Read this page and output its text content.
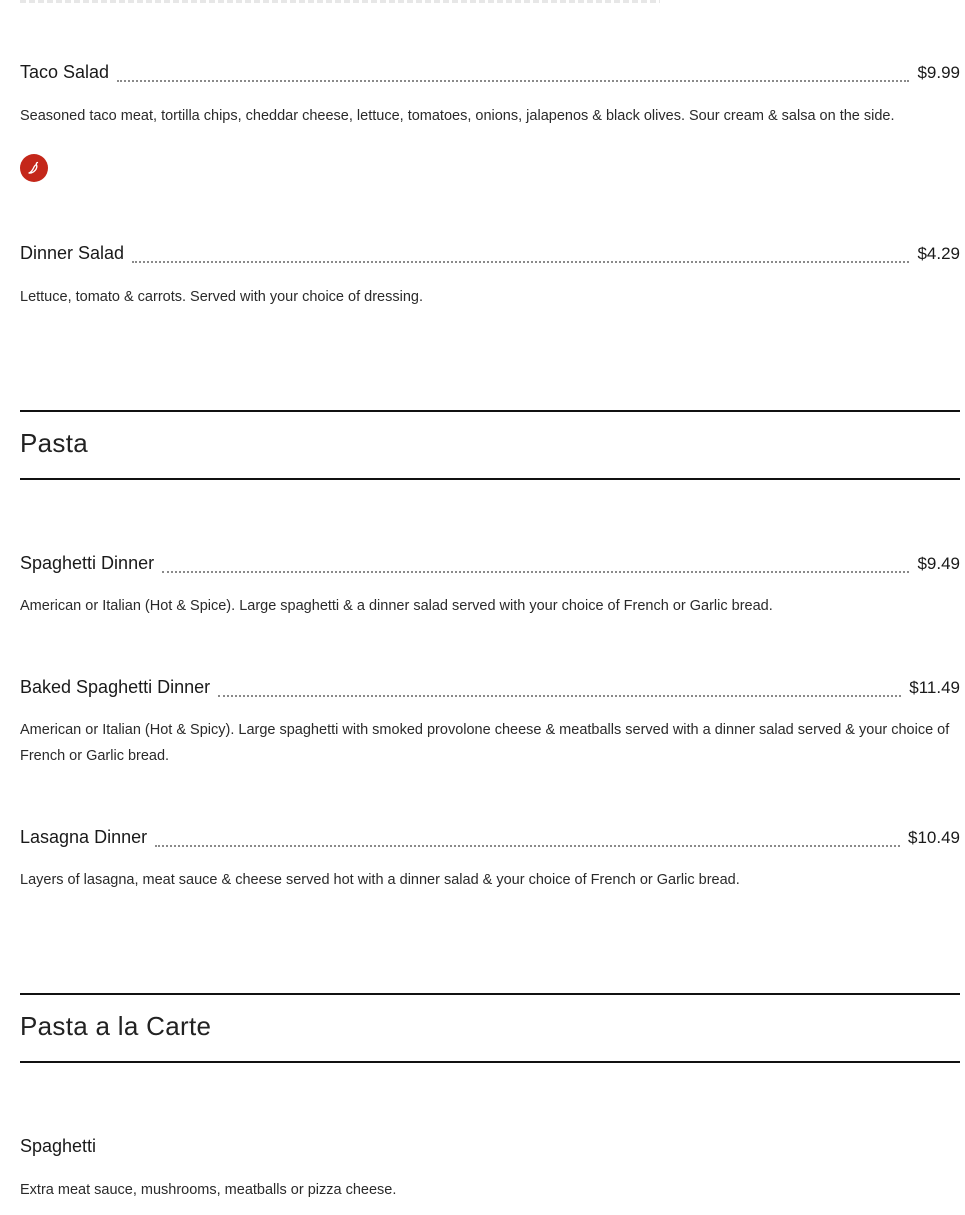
Taco Salad	$9.99
Seasoned taco meat, tortilla chips, cheddar cheese, lettuce, tomatoes, onions, jalapenos & black olives. Sour cream & salsa on the side.
Dinner Salad	$4.29
Lettuce, tomato & carrots. Served with your choice of dressing.
Pasta
Spaghetti Dinner	$9.49
American or Italian (Hot & Spice). Large spaghetti & a dinner salad served with your choice of French or Garlic bread.
Baked Spaghetti Dinner	$11.49
American or Italian (Hot & Spicy). Large spaghetti with smoked provolone cheese & meatballs served with a dinner salad served & your choice of French or Garlic bread.
Lasagna Dinner	$10.49
Layers of lasagna, meat sauce & cheese served hot with a dinner salad & your choice of French or Garlic bread.
Pasta a la Carte
Spaghetti
Extra meat sauce, mushrooms, meatballs or pizza cheese.
